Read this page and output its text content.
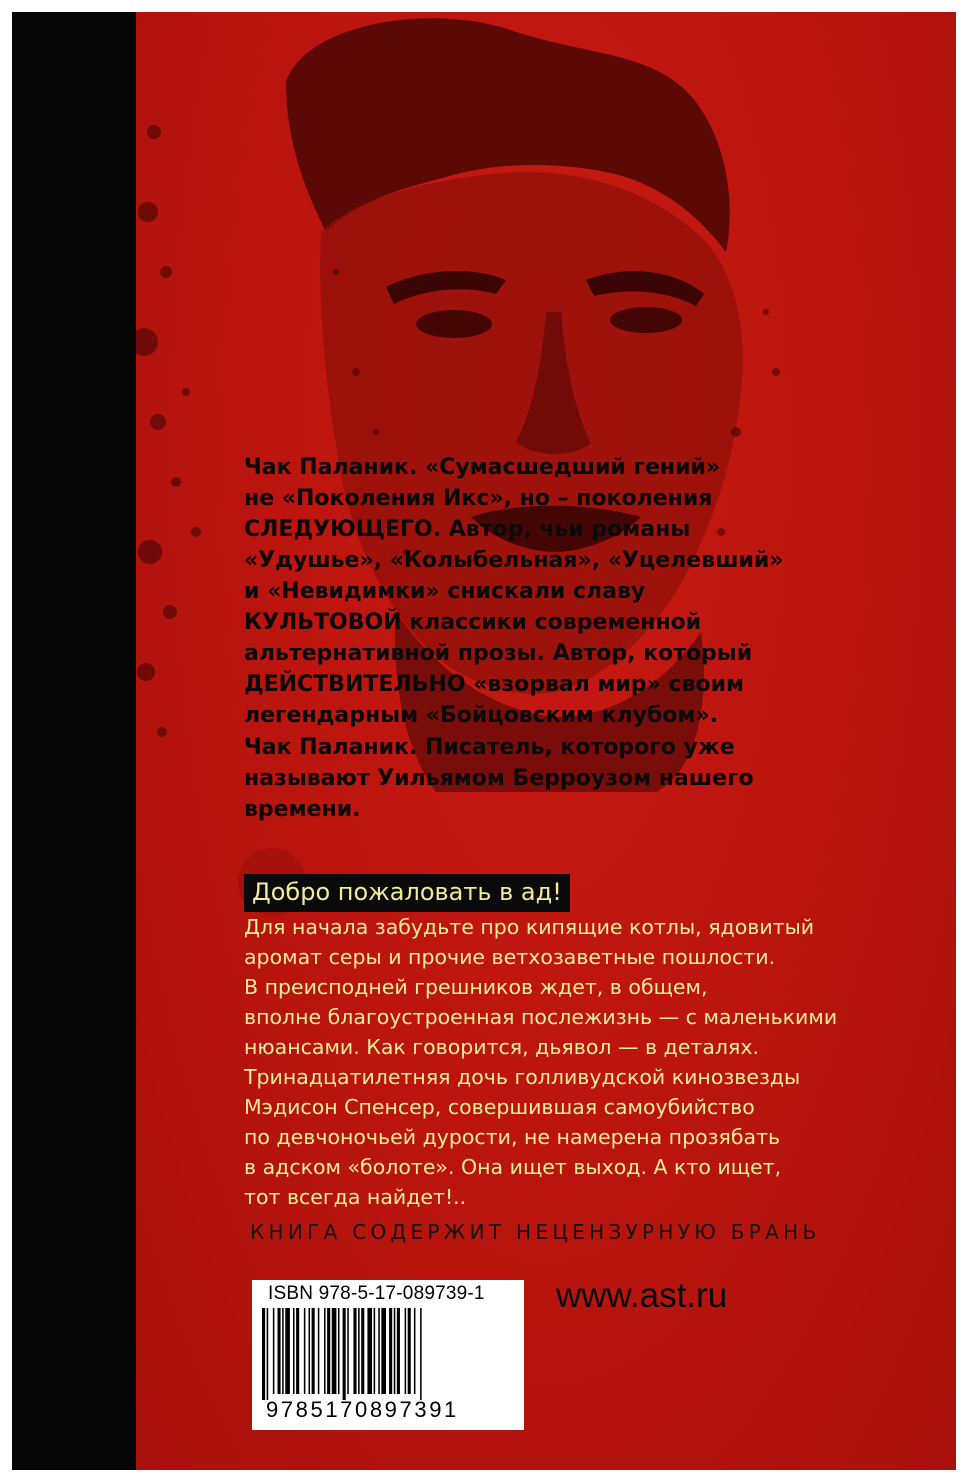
Чак Паланик. «Сумасшедший гений»
не «Поколения Икс», но – поколения
СЛЕДУЮЩЕГО. Автор, чьи романы
«Удушье», «Колыбельная», «Уцелевший»
и «Невидимки» снискали славу
КУЛЬТОВОЙ классики современной
альтернативной прозы. Автор, который
ДЕЙСТВИТЕЛЬНО «взорвал мир» своим
легендарным «Бойцовским клубом».

Чак Паланик. Писатель, которого уже
называют Уильямом Берроузом нашего
времени.

Добро пожаловать в ад!

Для начала забудьте про кипящие котлы, ядовитый
аромат серы и прочие ветхозаветные пошлости.
В преисподней грешников ждет, в общем,
вполне благоустроенная послежизнь — с маленькими
нюансами. Как говорится, дьявол — в деталях.
Тринадцатилетняя дочь голливудской кинозвезды
Мэдисон Спенсер, совершившая самоубийство
по девчоночьей дурости, не намерена прозябать
в адском «болоте». Она ищет выход. А кто ищет,
тот всегда найдет!..

КНИГА СОДЕРЖИТ НЕЦЕНЗУРНУЮ БРАНЬ
ISBN 978-5-17-089739-1
9785170897391
www.ast.ru
